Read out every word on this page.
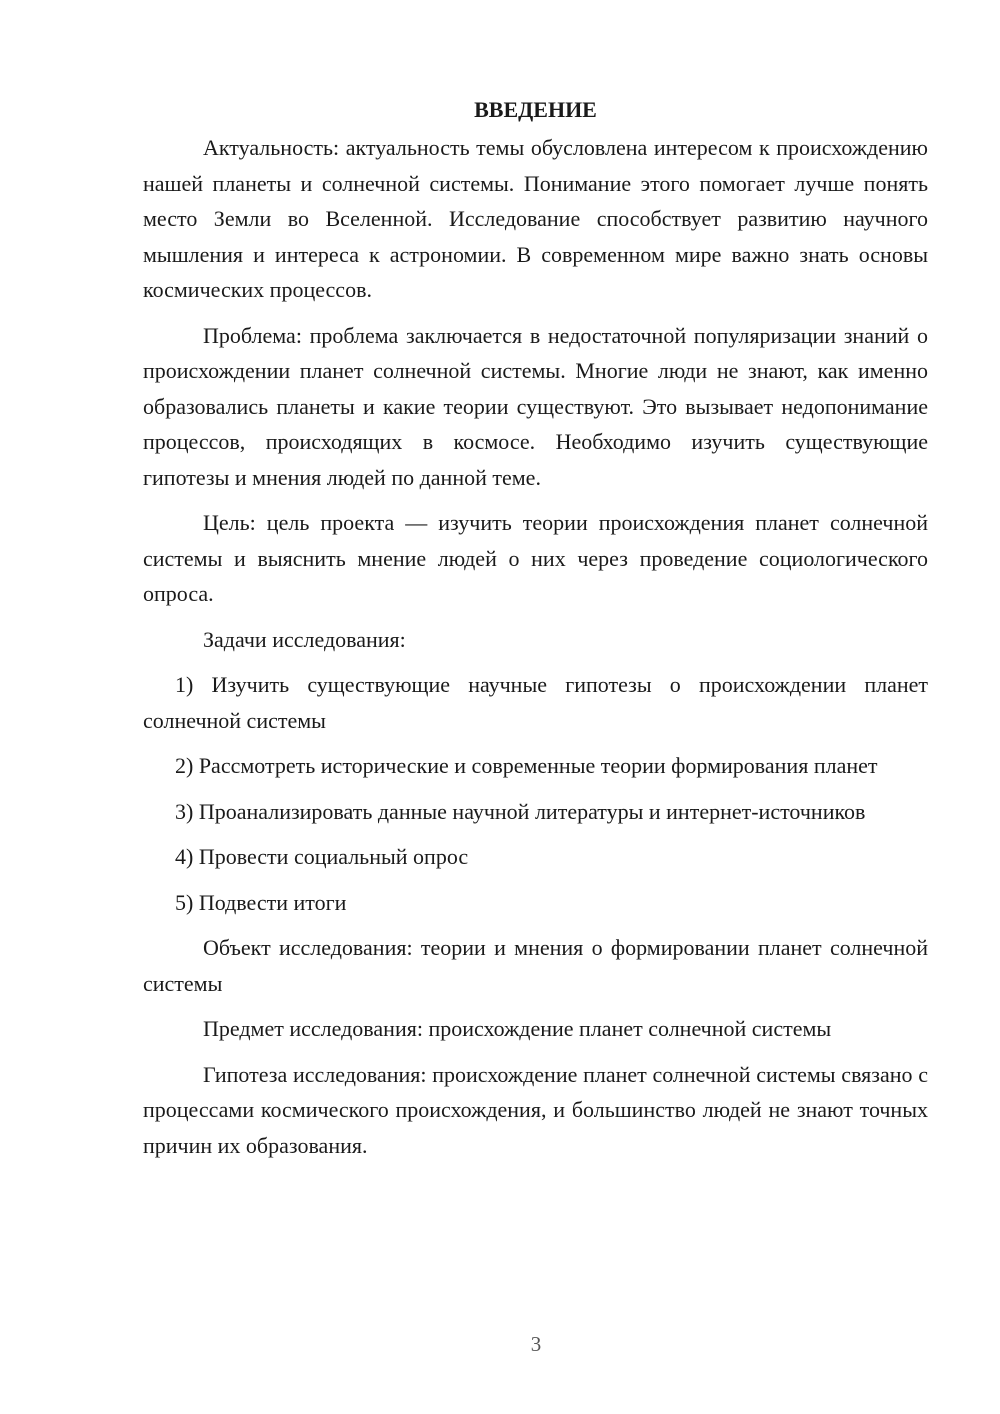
ВВЕДЕНИЕ

Актуальность: актуальность темы обусловлена интересом к происхождению нашей планеты и солнечной системы. Понимание этого помогает лучше понять место Земли во Вселенной. Исследование способствует развитию научного мышления и интереса к астрономии. В современном мире важно знать основы космических процессов.

Проблема: проблема заключается в недостаточной популяризации знаний о происхождении планет солнечной системы. Многие люди не знают, как именно образовались планеты и какие теории существуют. Это вызывает недопонимание процессов, происходящих в космосе. Необходимо изучить существующие гипотезы и мнения людей по данной теме.

Цель: цель проекта — изучить теории происхождения планет солнечной системы и выяснить мнение людей о них через проведение социологического опроса.

Задачи исследования:

1) Изучить существующие научные гипотезы о происхождении планет солнечной системы

2) Рассмотреть исторические и современные теории формирования планет

3) Проанализировать данные научной литературы и интернет-источников

4) Провести социальный опрос

5) Подвести итоги

Объект исследования: теории и мнения о формировании планет солнечной системы

Предмет исследования: происхождение планет солнечной системы

Гипотеза исследования: происхождение планет солнечной системы связано с процессами космического происхождения, и большинство людей не знают точных причин их образования.

3
